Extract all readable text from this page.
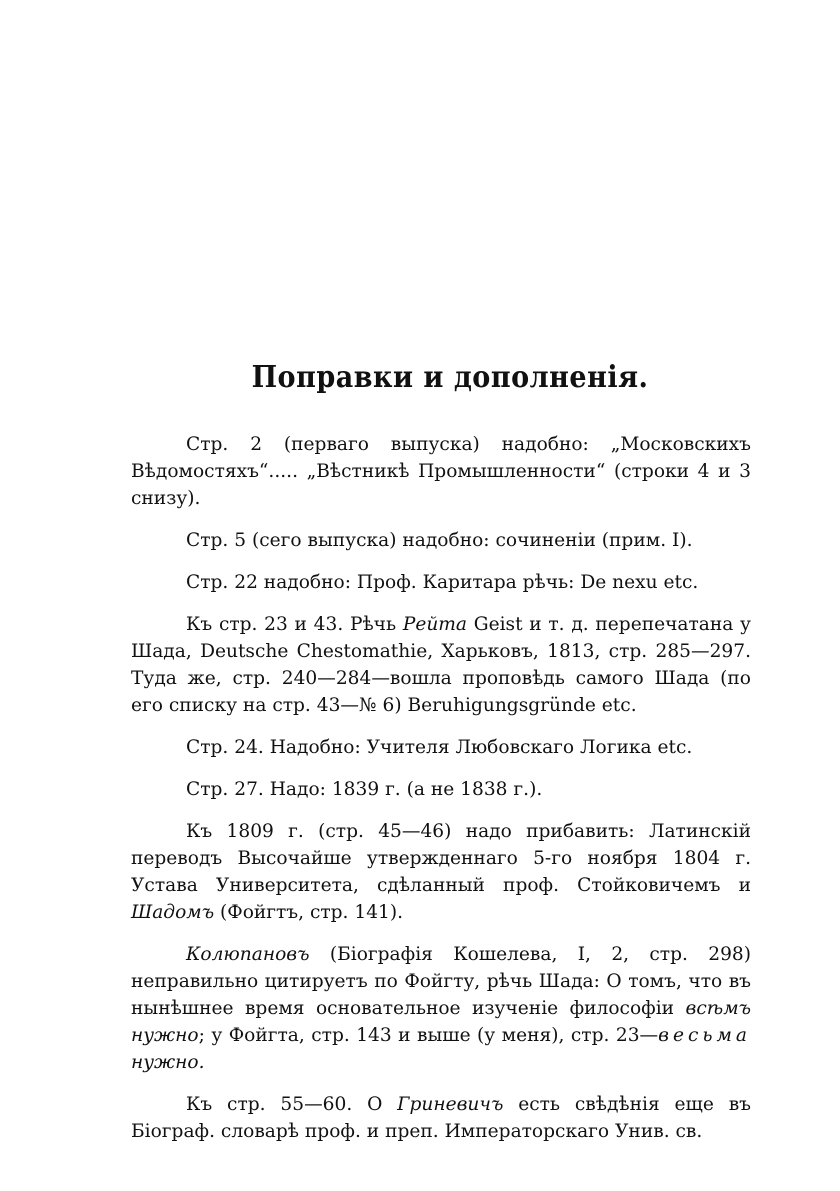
Поправки и дополненія.

Стр. 2 (перваго выпуска) надобно: „Московскихъ Вѣдомостяхъ“..... „Вѣстникѣ Промышленности“ (строки 4 и 3 снизу).

Стр. 5 (сего выпуска) надобно: сочиненіи (прим. I).

Стр. 22 надобно: Проф. Каритара рѣчь: De nexu etc.

Къ стр. 23 и 43. Рѣчь Рейта Geist и т. д. перепечатана у Шада, Deutsche Chestomathie, Харьковъ, 1813, стр. 285—297. Туда же, стр. 240—284—вошла проповѣдь самого Шада (по его списку на стр. 43—№ 6) Beruhigungsgründe etc.

Стр. 24. Надобно: Учителя Любовскаго Логика etc.

Стр. 27. Надо: 1839 г. (а не 1838 г.).

Къ 1809 г. (стр. 45—46) надо прибавить: Латинскій переводъ Высочайше утвержденнаго 5-го ноября 1804 г. Устава Университета, сдѣланный проф. Стойковичемъ и Шадомъ (Фойгтъ, стр. 141).

Колюпановъ (Біографія Кошелева, I, 2, стр. 298) неправильно цитируетъ по Фойгту, рѣчь Шада: О томъ, что въ нынѣшнее время основательное изученіе философіи всѣмъ нужно; у Фойгта, стр. 143 и выше (у меня), стр. 23—весьма нужно.

Къ стр. 55—60. О Гриневичъ есть свѣдѣнія еще въ Біограф. словарѣ проф. и преп. Императорскаго Унив. св.
